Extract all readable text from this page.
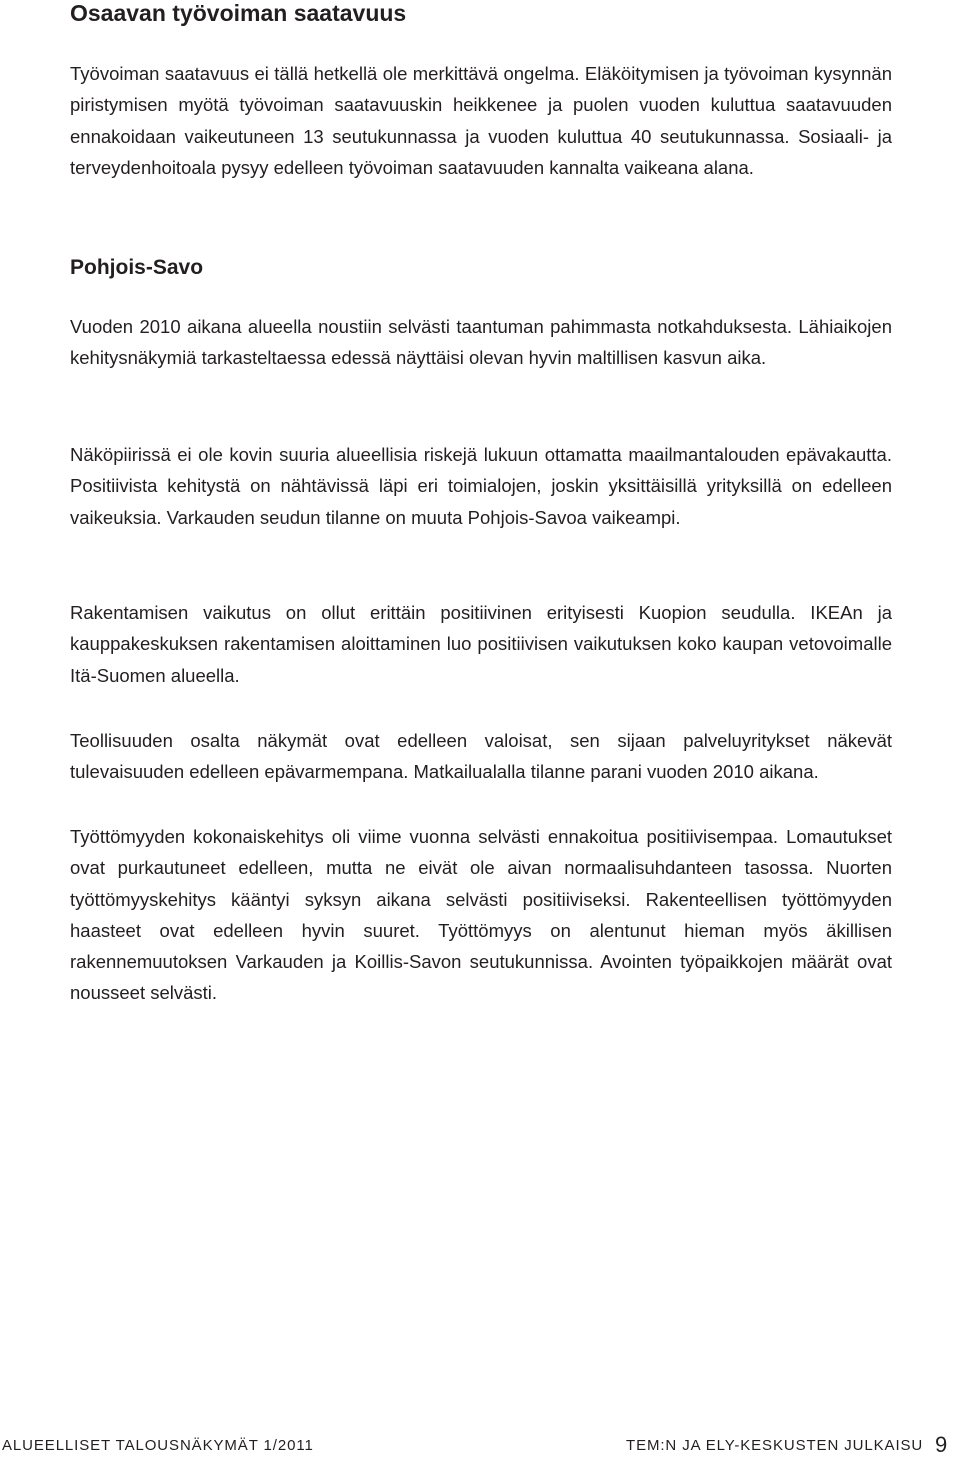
Osaavan työvoiman saatavuus

Työvoiman saatavuus ei tällä hetkellä ole merkittävä ongelma. Eläköitymisen ja työvoiman kysynnän piristymisen myötä työvoiman saatavuuskin heikkenee ja puolen vuoden kuluttua saatavuuden ennakoidaan vaikeutuneen 13 seutukunnassa ja vuoden kuluttua 40 seutukunnassa. Sosiaali- ja terveydenhoitoala pysyy edelleen työvoiman saatavuuden kannalta vaikeana alana.

Pohjois-Savo

Vuoden 2010 aikana alueella noustiin selvästi taantuman pahimmasta notkahduksesta. Lähiaikojen kehitysnäkymiä tarkasteltaessa edessä näyttäisi olevan hyvin maltillisen kasvun aika.

Näköpiirissä ei ole kovin suuria alueellisia riskejä lukuun ottamatta maailmantalouden epävakautta. Positiivista kehitystä on nähtävissä läpi eri toimialojen, joskin yksittäisillä yrityksillä on edelleen vaikeuksia. Varkauden seudun tilanne on muuta Pohjois-Savoa vaikeampi.

Rakentamisen vaikutus on ollut erittäin positiivinen erityisesti Kuopion seudulla. IKEAn ja kauppakeskuksen rakentamisen aloittaminen luo positiivisen vaikutuksen koko kaupan vetovoimalle Itä-Suomen alueella.

Teollisuuden osalta näkymät ovat edelleen valoisat, sen sijaan palveluyritykset näkevät tulevaisuuden edelleen epävarmempana. Matkailualalla tilanne parani vuoden 2010 aikana.

Työttömyyden kokonaiskehitys oli viime vuonna selvästi ennakoitua positiivisempaa. Lomautukset ovat purkautuneet edelleen, mutta ne eivät ole aivan normaalisuhdanteen tasossa. Nuorten työttömyyskehitys kääntyi syksyn aikana selvästi positiiviseksi. Rakenteellisen työttömyyden haasteet ovat edelleen hyvin suuret. Työttömyys on alentunut hieman myös äkillisen rakennemuutoksen Varkauden ja Koillis-Savon seutukunnissa. Avointen työpaikkojen määrät ovat nousseet selvästi.

ALUEELLISET TALOUSNÄKYMÄT 1/2011	TEM:N JA ELY-KESKUSTEN JULKAISU 9
